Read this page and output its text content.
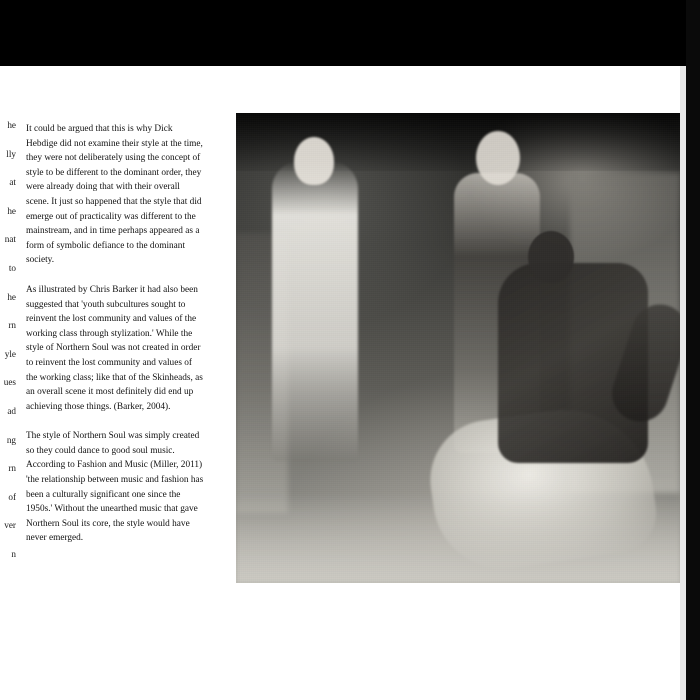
he

lly

at

he

nat

to

he

rn

yle

ues

ad

ng

rn

of

ver

n

It could be argued that this is why Dick Hebdige did not examine their style at the time, they were not deliberately using the concept of style to be different to the dominant order, they were already doing that with their overall scene. It just so happened that the style that did emerge out of practicality was different to the mainstream, and in time perhaps appeared as a form of symbolic defiance to the dominant society.

As illustrated by Chris Barker it had also been suggested that 'youth subcultures sought to reinvent the lost community and values of the working class through stylization.' While the style of Northern Soul was not created in order to reinvent the lost community and values of the working class; like that of the Skinheads, as an overall scene it most definitely did end up achieving those things. (Barker, 2004).

The style of Northern Soul was simply created so they could dance to good soul music. According to Fashion and Music (Miller, 2011) 'the relationship between music and fashion has been a culturally significant one since the 1950s.' Without the unearthed music that gave Northern Soul its core, the style would have never emerged.
